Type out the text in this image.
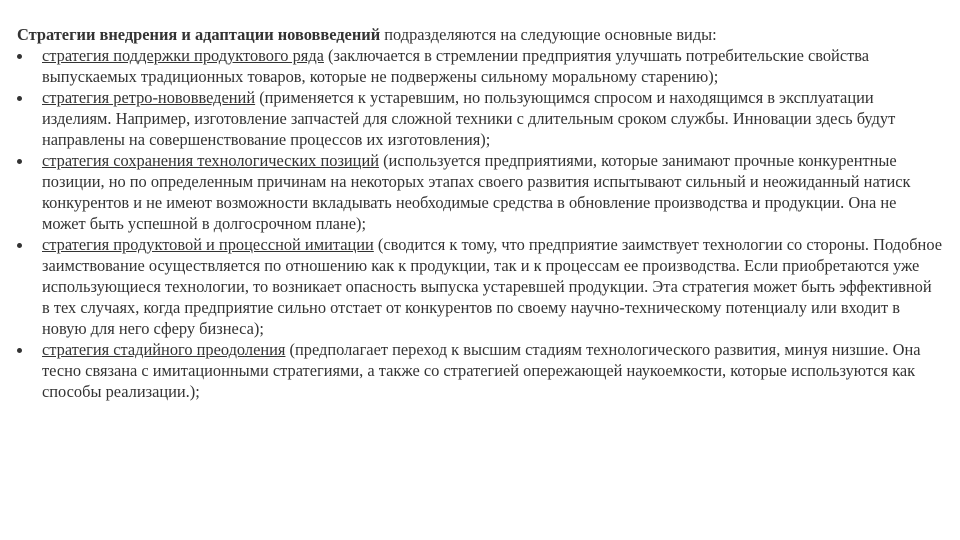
Стратегии внедрения и адаптации нововведений подразделяются на следующие основные виды:

стратегия поддержки продуктового ряда (заключается в стремлении предприятия улучшать потребительские свойства выпускаемых традиционных товаров, которые не подвержены сильному моральному старению);
стратегия ретро-нововведений (применяется к устаревшим, но пользующимся спросом и находящимся в эксплуатации изделиям. Например, изготовление запчастей для сложной техники с длительным сроком службы. Инновации здесь будут направлены на совершенствование процессов их изготовления);
стратегия сохранения технологических позиций (используется предприятиями, которые занимают прочные конкурентные позиции, но по определенным причинам на некоторых этапах своего развития испытывают сильный и неожиданный натиск конкурентов и не имеют возможности вкладывать необходимые средства в обновление производства и продукции. Она не может быть успешной в долгосрочном плане);
стратегия продуктовой и процессной имитации (сводится к тому, что предприятие заимствует технологии со стороны. Подобное заимствование осуществляется по отношению как к продукции, так и к процессам ее производства. Если приобретаются уже использующиеся технологии, то возникает опасность выпуска устаревшей продукции. Эта стратегия может быть эффективной в тех случаях, когда предприятие сильно отстает от конкурентов по своему научно-техническому потенциалу или входит в новую для него сферу бизнеса);
стратегия стадийного преодоления (предполагает переход к высшим стадиям технологического развития, минуя низшие. Она тесно связана с имитационными стратегиями, а также со стратегией опережающей наукоемкости, которые используются как способы реализации.);
